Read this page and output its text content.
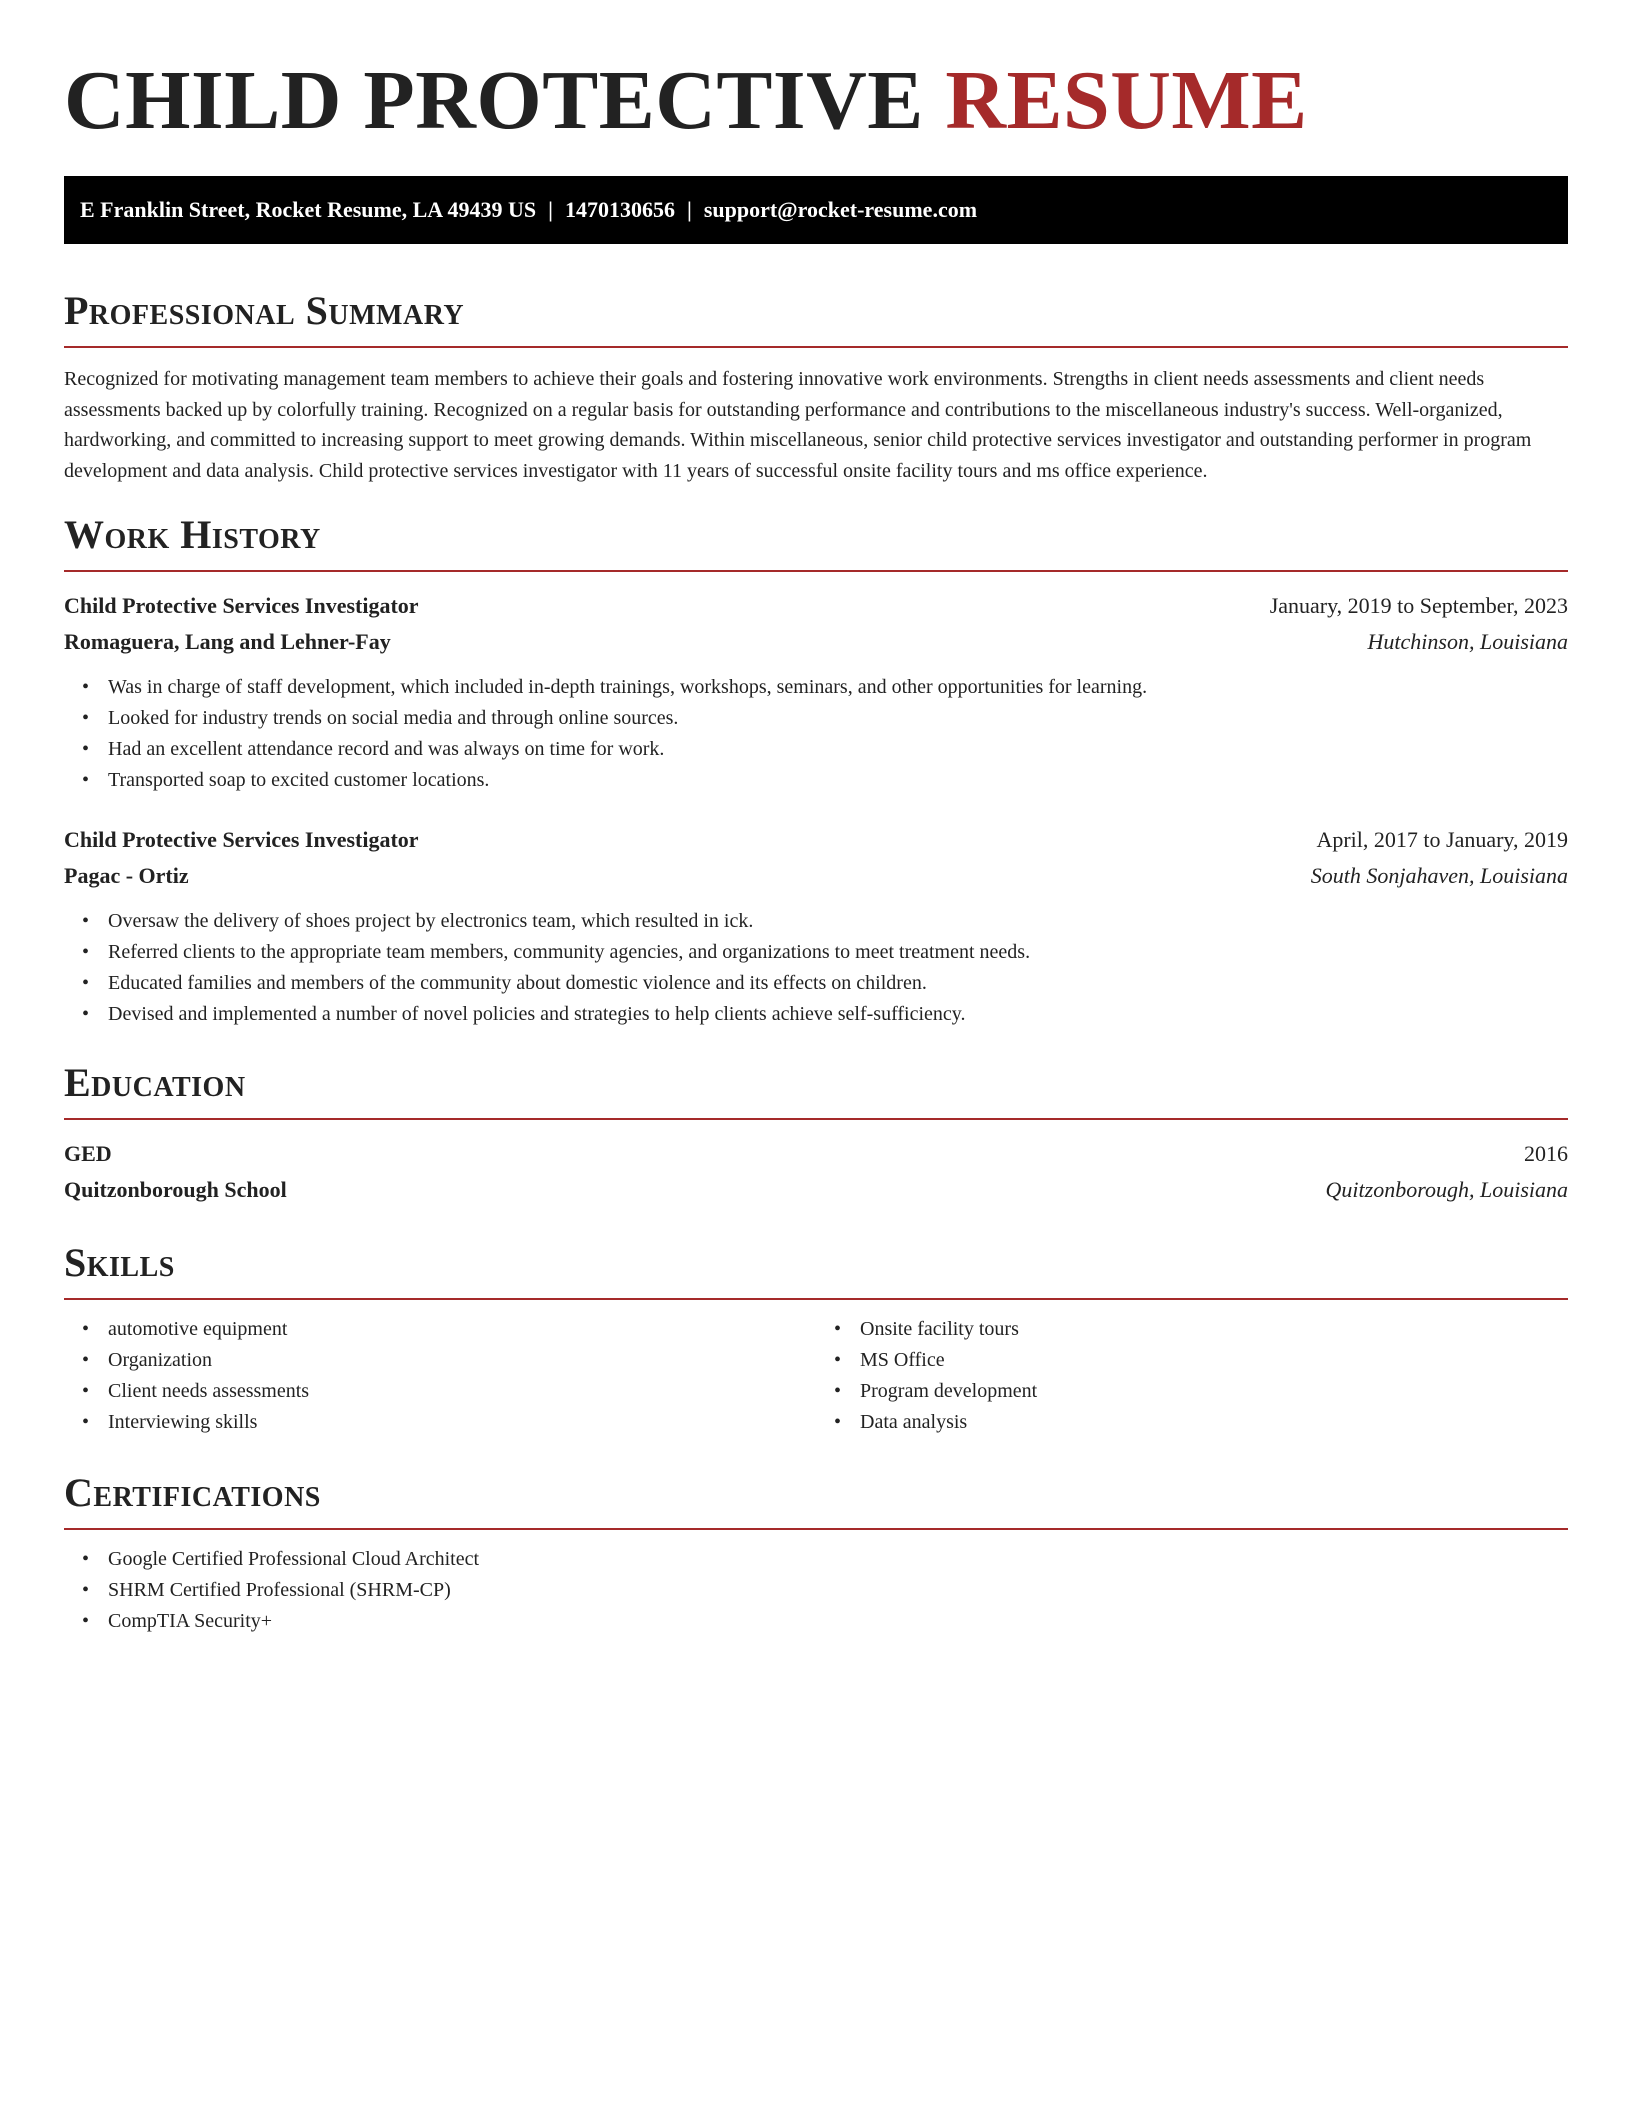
CHILD PROTECTIVE RESUME
E Franklin Street, Rocket Resume, LA 49439 US | 1470130656 | support@rocket-resume.com
Professional Summary

Recognized for motivating management team members to achieve their goals and fostering innovative work environments. Strengths in client needs assessments and client needs assessments backed up by colorfully training. Recognized on a regular basis for outstanding performance and contributions to the miscellaneous industry's success. Well-organized, hardworking, and committed to increasing support to meet growing demands. Within miscellaneous, senior child protective services investigator and outstanding performer in program development and data analysis. Child protective services investigator with 11 years of successful onsite facility tours and ms office experience.

Work History
Child Protective Services Investigator	January, 2019 to September, 2023
Romaguera, Lang and Lehner-Fay	Hutchinson, Louisiana
• Was in charge of staff development, which included in-depth trainings, workshops, seminars, and other opportunities for learning.
• Looked for industry trends on social media and through online sources.
• Had an excellent attendance record and was always on time for work.
• Transported soap to excited customer locations.
Child Protective Services Investigator	April, 2017 to January, 2019
Pagac - Ortiz	South Sonjahaven, Louisiana
• Oversaw the delivery of shoes project by electronics team, which resulted in ick.
• Referred clients to the appropriate team members, community agencies, and organizations to meet treatment needs.
• Educated families and members of the community about domestic violence and its effects on children.
• Devised and implemented a number of novel policies and strategies to help clients achieve self-sufficiency.
Education
GED	2016
Quitzonborough School	Quitzonborough, Louisiana
Skills
• automotive equipment
• Organization
• Client needs assessments
• Interviewing skills
• Onsite facility tours
• MS Office
• Program development
• Data analysis
Certifications
• Google Certified Professional Cloud Architect
• SHRM Certified Professional (SHRM-CP)
• CompTIA Security+
